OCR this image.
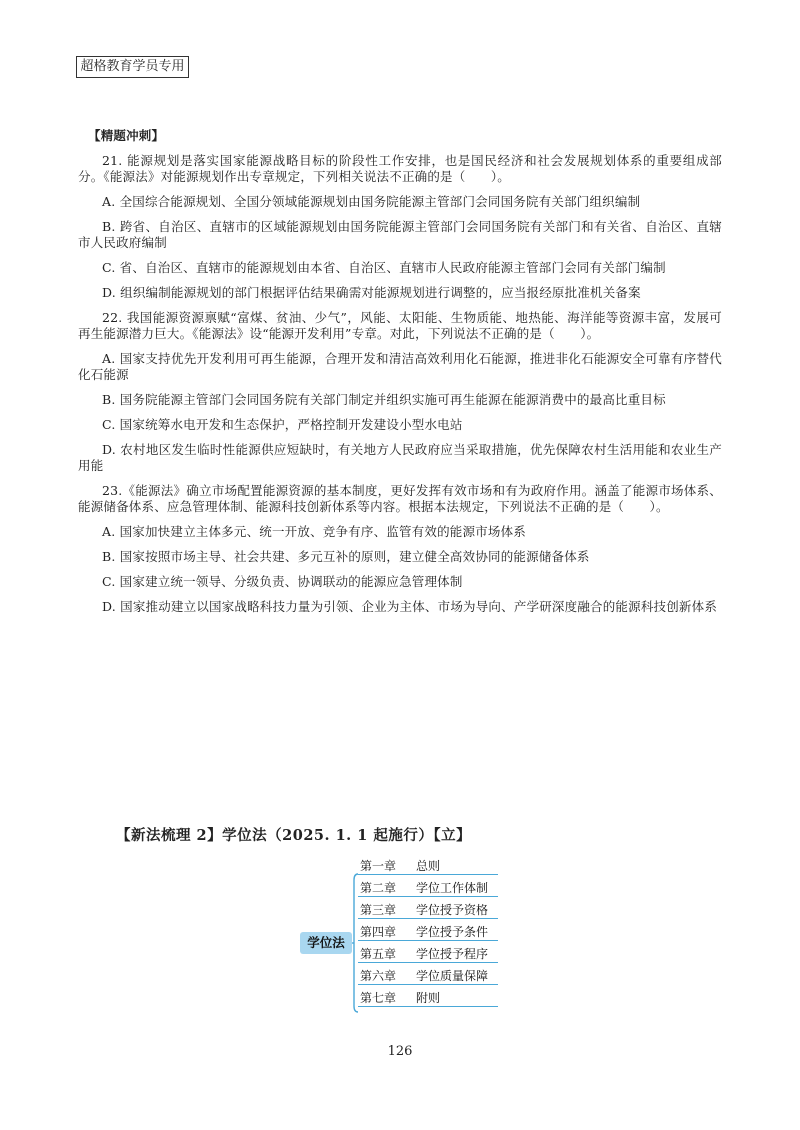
超格教育学员专用

【精题冲刺】

21. 能源规划是落实国家能源战略目标的阶段性工作安排，也是国民经济和社会发展规划体系的重要组成部分。《能源法》对能源规划作出专章规定，下列相关说法不正确的是（　　）。

A. 全国综合能源规划、全国分领域能源规划由国务院能源主管部门会同国务院有关部门组织编制

B. 跨省、自治区、直辖市的区域能源规划由国务院能源主管部门会同国务院有关部门和有关省、自治区、直辖市人民政府编制

C. 省、自治区、直辖市的能源规划由本省、自治区、直辖市人民政府能源主管部门会同有关部门编制

D. 组织编制能源规划的部门根据评估结果确需对能源规划进行调整的，应当报经原批准机关备案

22. 我国能源资源禀赋“富煤、贫油、少气”，风能、太阳能、生物质能、地热能、海洋能等资源丰富，发展可再生能源潜力巨大。《能源法》设“能源开发利用”专章。对此，下列说法不正确的是（　　）。

A. 国家支持优先开发利用可再生能源，合理开发和清洁高效利用化石能源，推进非化石能源安全可靠有序替代化石能源

B. 国务院能源主管部门会同国务院有关部门制定并组织实施可再生能源在能源消费中的最高比重目标

C. 国家统筹水电开发和生态保护，严格控制开发建设小型水电站

D. 农村地区发生临时性能源供应短缺时，有关地方人民政府应当采取措施，优先保障农村生活用能和农业生产用能

23.《能源法》确立市场配置能源资源的基本制度，更好发挥有效市场和有为政府作用。涵盖了能源市场体系、能源储备体系、应急管理体制、能源科技创新体系等内容。根据本法规定，下列说法不正确的是（　　）。

A. 国家加快建立主体多元、统一开放、竞争有序、监管有效的能源市场体系

B. 国家按照市场主导、社会共建、多元互补的原则，建立健全高效协同的能源储备体系

C. 国家建立统一领导、分级负责、协调联动的能源应急管理体制

D. 国家推动建立以国家战略科技力量为引领、企业为主体、市场为导向、产学研深度融合的能源科技创新体系

【新法梳理 2】学位法（2025. 1. 1 起施行）【立】
学位法
第一章 总则
第二章 学位工作体制
第三章 学位授予资格
第四章 学位授予条件
第五章 学位授予程序
第六章 学位质量保障
第七章 附则
126
